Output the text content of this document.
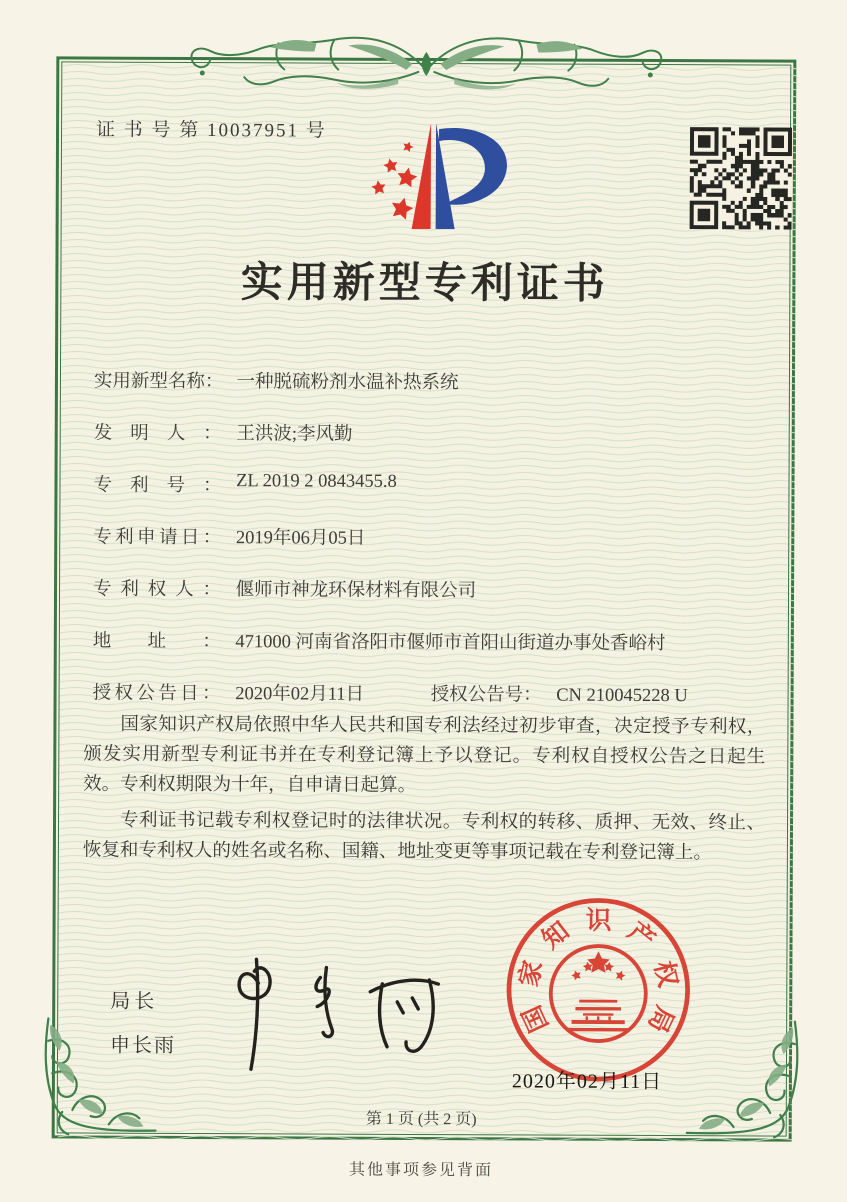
证 书 号 第 10037951 号
实用新型专利证书
实用新型名称： 一种脱硫粉剂水温补热系统
发明人： 王洪波;李风勤
专利号： ZL 2019 2 0843455.8
专利申请日： 2019年06月05日
专利权人： 偃师市神龙环保材料有限公司
地址： 471000 河南省洛阳市偃师市首阳山街道办事处香峪村
授权公告日： 2020年02月11日	授权公告号： CN 210045228 U

国家知识产权局依照中华人民共和国专利法经过初步审查，决定授予专利权，颁发实用新型专利证书并在专利登记簿上予以登记。专利权自授权公告之日起生效。专利权期限为十年，自申请日起算。

专利证书记载专利权登记时的法律状况。专利权的转移、质押、无效、终止、恢复和专利权人的姓名或名称、国籍、地址变更等事项记载在专利登记簿上。

局长
申长雨
国
家
知 识 产
权
局
2020年02月11日
第 1 页 (共 2 页)
其他事项参见背面
